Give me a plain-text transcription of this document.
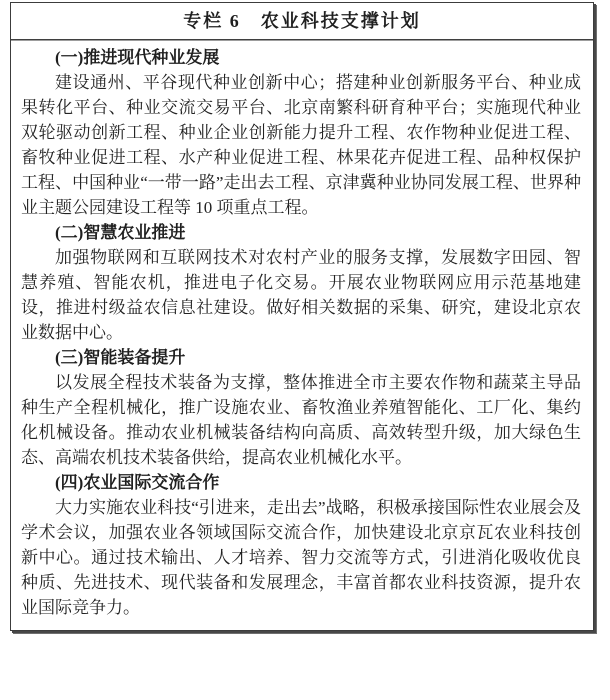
专栏 6　农业科技支撑计划

(一)推进现代种业发展

建设通州、平谷现代种业创新中心；搭建种业创新服务平台、种业成果转化平台、种业交流交易平台、北京南繁科研育种平台；实施现代种业双轮驱动创新工程、种业企业创新能力提升工程、农作物种业促进工程、畜牧种业促进工程、水产种业促进工程、林果花卉促进工程、品种权保护工程、中国种业“一带一路”走出去工程、京津冀种业协同发展工程、世界种业主题公园建设工程等 10 项重点工程。

(二)智慧农业推进

加强物联网和互联网技术对农村产业的服务支撑，发展数字田园、智慧养殖、智能农机，推进电子化交易。开展农业物联网应用示范基地建设，推进村级益农信息社建设。做好相关数据的采集、研究，建设北京农业数据中心。

(三)智能装备提升

以发展全程技术装备为支撑，整体推进全市主要农作物和蔬菜主导品种生产全程机械化，推广设施农业、畜牧渔业养殖智能化、工厂化、集约化机械设备。推动农业机械装备结构向高质、高效转型升级，加大绿色生态、高端农机技术装备供给，提高农业机械化水平。

(四)农业国际交流合作

大力实施农业科技“引进来，走出去”战略，积极承接国际性农业展会及学术会议，加强农业各领域国际交流合作，加快建设北京京瓦农业科技创新中心。通过技术输出、人才培养、智力交流等方式，引进消化吸收优良种质、先进技术、现代装备和发展理念，丰富首都农业科技资源，提升农业国际竞争力。
